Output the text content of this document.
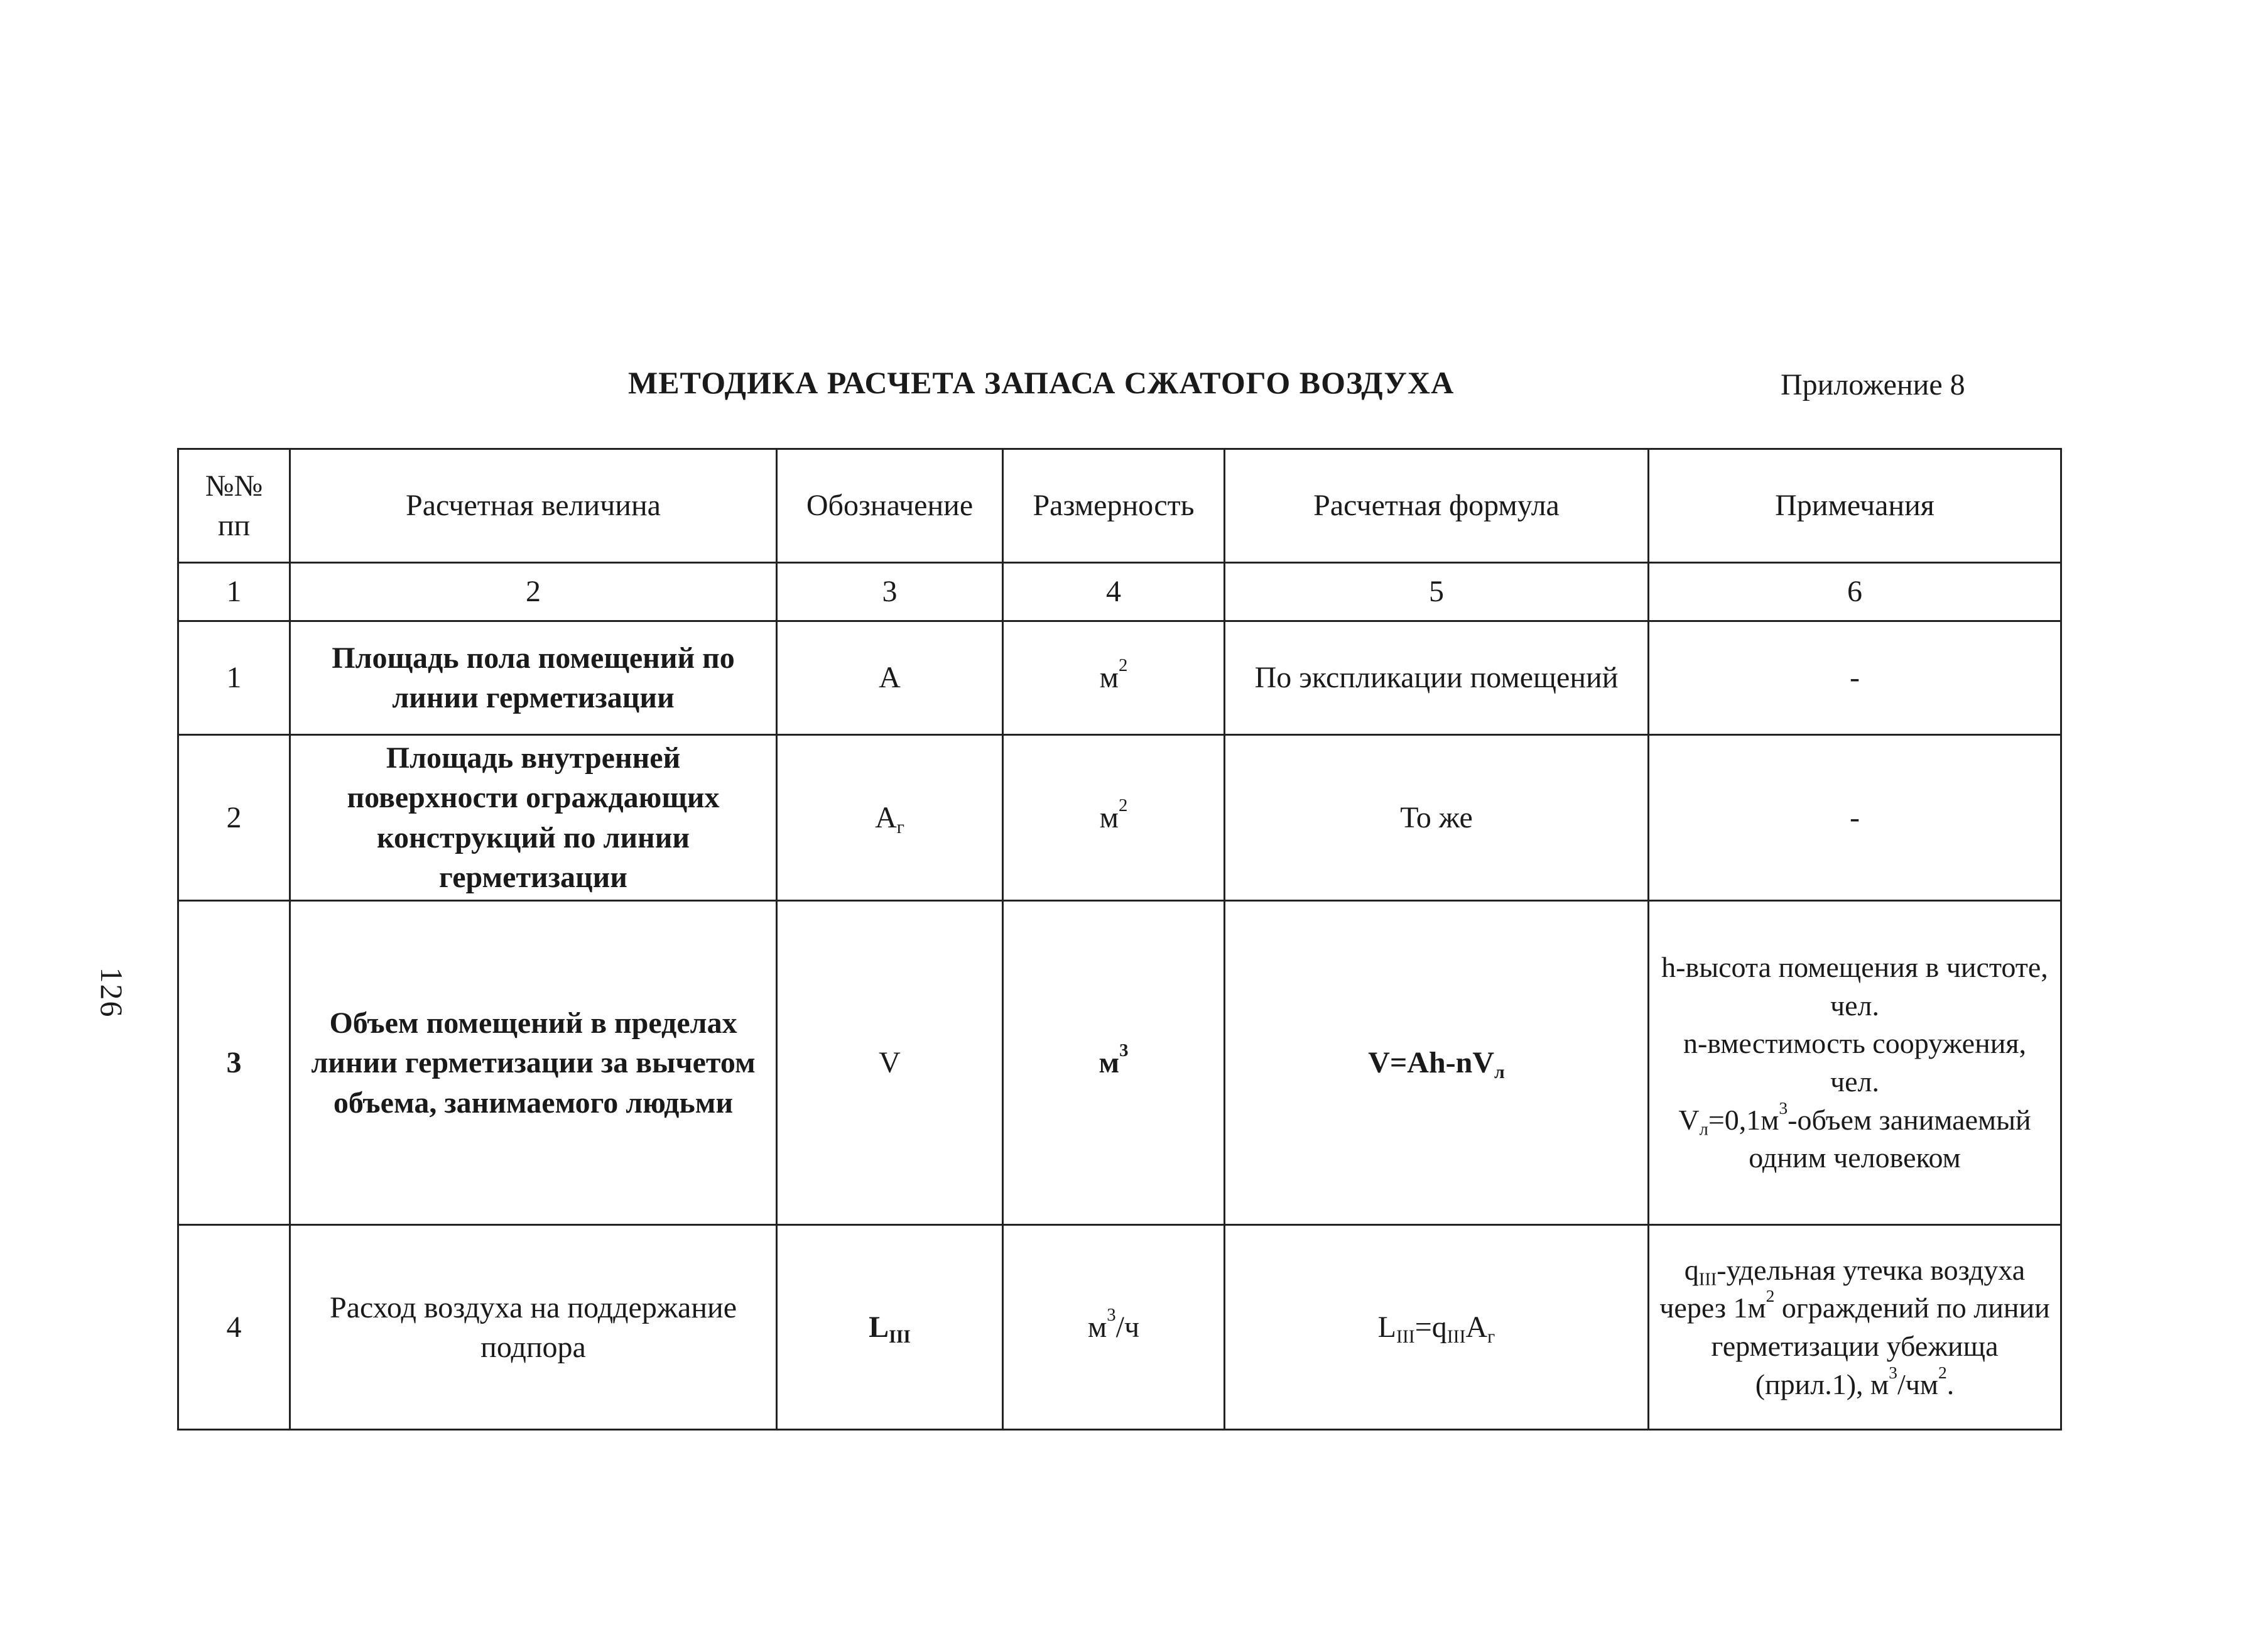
126
МЕТОДИКА РАСЧЕТА ЗАПАСА СЖАТОГО ВОЗДУХА	Приложение 8
№№
пп	Расчетная величина	Обозначение	Размерность	Расчетная формула	Примечания
1	2	3	4	5	6
1	Площадь пола помещений по линии герметизации	А	$м^2$	По экспликации помещений	-
2	Площадь внутренней поверхности ограждающих конструкций по линии герметизации	$А_г$	$м^2$	То же	-
3	Объем помещений в пределах линии герметизации за вычетом объема, занимаемого людьми	V	$м^3$	$V=Ah-nV_л$	h-высота помещения в чистоте, чел.
n-вместимость сооружения, чел.
$V_л=0,1м^3$-объем занимаемый одним человеком
4	Расход воздуха на поддержание подпора	$L_{III}$	$м^3/ч$	$L_{III}=q_{III}A_г$	$q_{III}$-удельная утечка воздуха через $1м^2$ ограждений по линии герметизации убежища (прил.1), $м^3/чм^2$.
